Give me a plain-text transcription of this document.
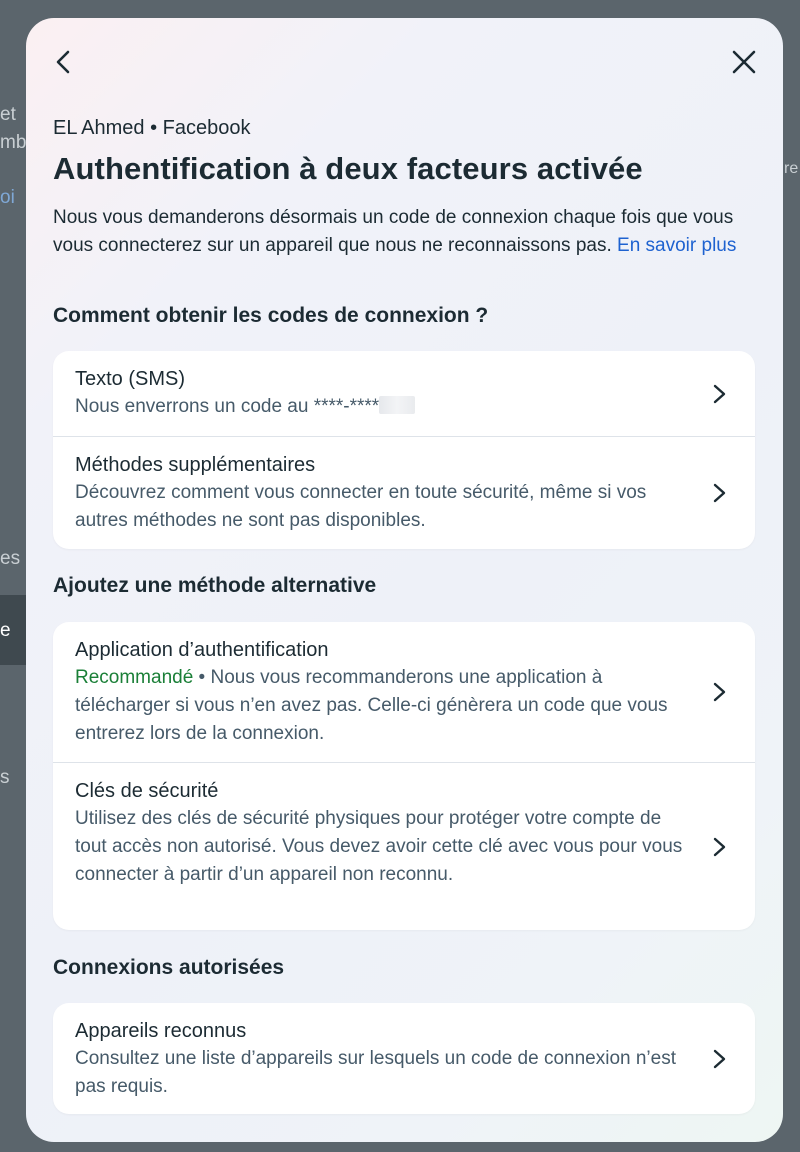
et
mb
oi
es
e
s
re
EL Ahmed • Facebook
Authentification à deux facteurs activée
Nous vous demanderons désormais un code de connexion chaque fois que vous vous connecterez sur un appareil que nous ne reconnaissons pas. En savoir plus
Comment obtenir les codes de connexion ?
Texto (SMS)
Nous enverrons un code au ****-****
Méthodes supplémentaires
Découvrez comment vous connecter en toute sécurité, même si vos autres méthodes ne sont pas disponibles.
Ajoutez une méthode alternative
Application d’authentification
Recommandé • Nous vous recommanderons une application à télécharger si vous n’en avez pas. Celle-ci génèrera un code que vous entrerez lors de la connexion.
Clés de sécurité
Utilisez des clés de sécurité physiques pour protéger votre compte de tout accès non autorisé. Vous devez avoir cette clé avec vous pour vous connecter à partir d’un appareil non reconnu.
Connexions autorisées
Appareils reconnus
Consultez une liste d’appareils sur lesquels un code de connexion n’est pas requis.
